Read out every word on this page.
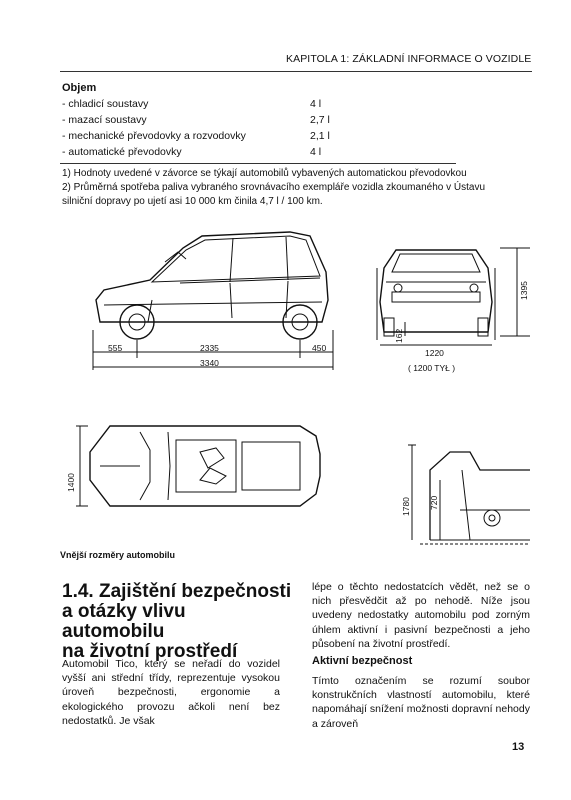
KAPITOLA 1: ZÁKLADNÍ INFORMACE O VOZIDLE
Objem
- chladicí soustavy	4 l
- mazací soustavy	2,7 l
- mechanické převodovky a rozvodovky	2,1 l
- automatické převodovky	4 l
1) Hodnoty uvedené v závorce se týkají automobilů vybavených automatickou převodovkou
2) Průměrná spotřeba paliva vybraného srovnávacího exempláře vozidla zkoumaného v Ústavu
silniční dopravy po ujetí asi 10 000 km činila 4,7 l / 100 km.
555	2335	450
3340
1220
( 1200 TYŁ )
1395
162
1400
1780 720
Vnější rozměry automobilu
1.4. Zajištění bezpečnosti
a otázky vlivu automobilu
na životní prostředí
Automobil Tico, který se neřadí do vozidel vyšší ani střední třídy, reprezentuje vysokou úroveň bezpečnosti, ergonomie a ekologického provozu ačkoli není bez nedostatků. Je však
lépe o těchto nedostatcích vědět, než se o nich přesvědčit až po nehodě. Níže jsou uvedeny nedostatky automobilu pod zorným úhlem aktivní i pasivní bezpečnosti a jeho působení na životní prostředí.
Aktivní bezpečnost
Tímto označením se rozumí soubor konstrukčních vlastností automobilu, které napomáhají snížení možnosti dopravní nehody a zároveň
13
